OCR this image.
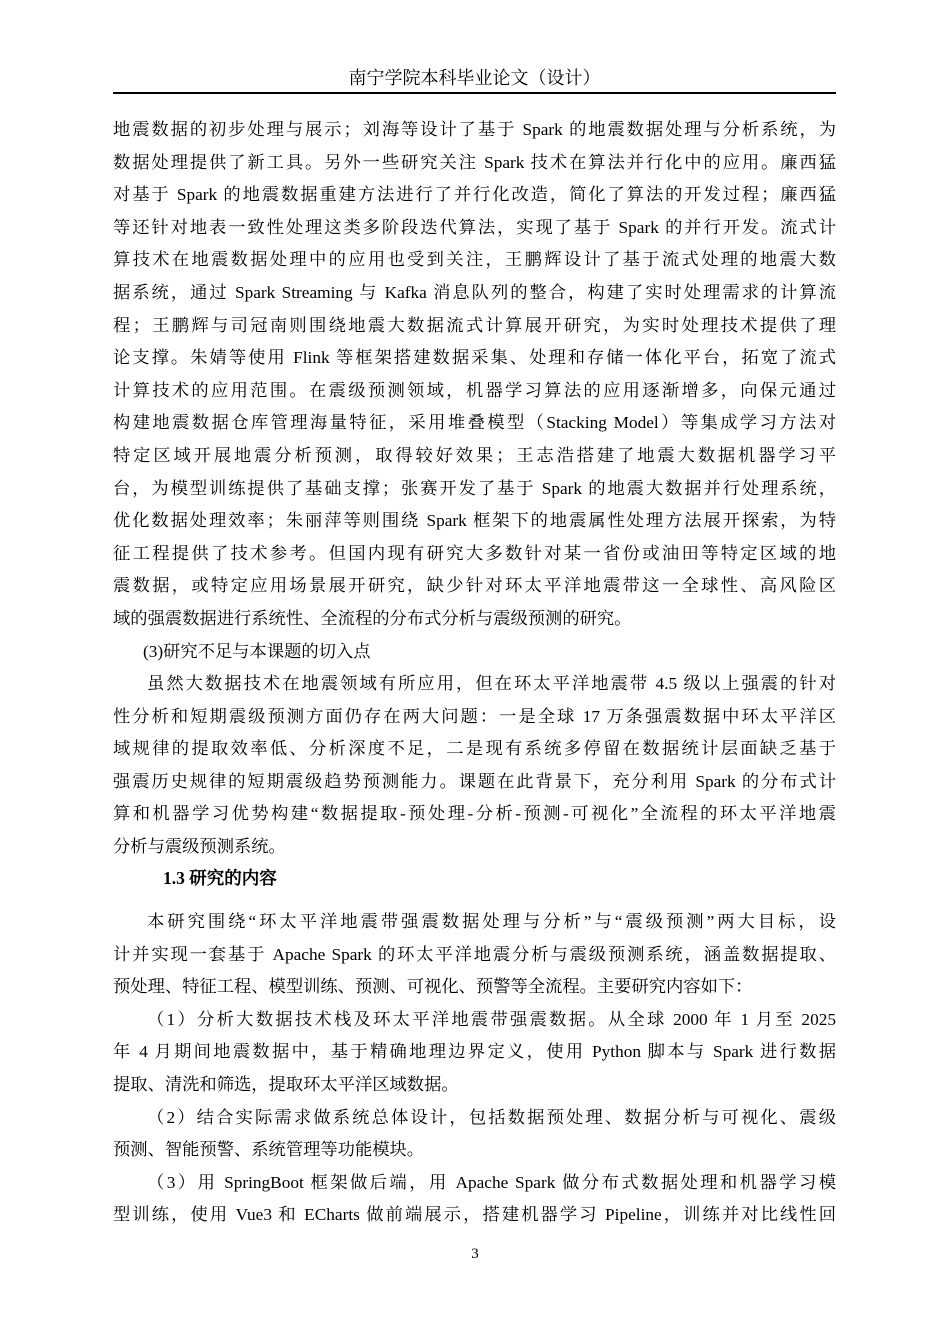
南宁学院本科毕业论文（设计）
地震数据的初步处理与展示；刘海等设计了基于 Spark 的地震数据处理与分析系统，为
数据处理提供了新工具。另外一些研究关注 Spark 技术在算法并行化中的应用。廉西猛
对基于 Spark 的地震数据重建方法进行了并行化改造，简化了算法的开发过程；廉西猛
等还针对地表一致性处理这类多阶段迭代算法，实现了基于 Spark 的并行开发。流式计
算技术在地震数据处理中的应用也受到关注，王鹏辉设计了基于流式处理的地震大数
据系统，通过 Spark Streaming 与 Kafka 消息队列的整合，构建了实时处理需求的计算流
程；王鹏辉与司冠南则围绕地震大数据流式计算展开研究，为实时处理技术提供了理
论支撑。朱婧等使用 Flink 等框架搭建数据采集、处理和存储一体化平台，拓宽了流式
计算技术的应用范围。在震级预测领域，机器学习算法的应用逐渐增多，向保元通过
构建地震数据仓库管理海量特征，采用堆叠模型（Stacking Model）等集成学习方法对
特定区域开展地震分析预测，取得较好效果；王志浩搭建了地震大数据机器学习平
台，为模型训练提供了基础支撑；张赛开发了基于 Spark 的地震大数据并行处理系统，
优化数据处理效率；朱丽萍等则围绕 Spark 框架下的地震属性处理方法展开探索，为特
征工程提供了技术参考。但国内现有研究大多数针对某一省份或油田等特定区域的地
震数据，或特定应用场景展开研究，缺少针对环太平洋地震带这一全球性、高风险区
域的强震数据进行系统性、全流程的分布式分析与震级预测的研究。
(3)研究不足与本课题的切入点
虽然大数据技术在地震领域有所应用，但在环太平洋地震带 4.5 级以上强震的针对
性分析和短期震级预测方面仍存在两大问题：一是全球 17 万条强震数据中环太平洋区
域规律的提取效率低、分析深度不足，二是现有系统多停留在数据统计层面缺乏基于
强震历史规律的短期震级趋势预测能力。课题在此背景下，充分利用 Spark 的分布式计
算和机器学习优势构建“数据提取-预处理-分析-预测-可视化”全流程的环太平洋地震
分析与震级预测系统。
1.3 研究的内容
本研究围绕“环太平洋地震带强震数据处理与分析”与“震级预测”两大目标，设
计并实现一套基于 Apache Spark 的环太平洋地震分析与震级预测系统，涵盖数据提取、
预处理、特征工程、模型训练、预测、可视化、预警等全流程。主要研究内容如下：
（1）分析大数据技术栈及环太平洋地震带强震数据。从全球 2000 年 1 月至 2025
年 4 月期间地震数据中，基于精确地理边界定义，使用 Python 脚本与 Spark 进行数据
提取、清洗和筛选，提取环太平洋区域数据。
（2）结合实际需求做系统总体设计，包括数据预处理、数据分析与可视化、震级
预测、智能预警、系统管理等功能模块。
（3）用 SpringBoot 框架做后端，用 Apache Spark 做分布式数据处理和机器学习模
型训练，使用 Vue3 和 ECharts 做前端展示，搭建机器学习 Pipeline，训练并对比线性回
3
